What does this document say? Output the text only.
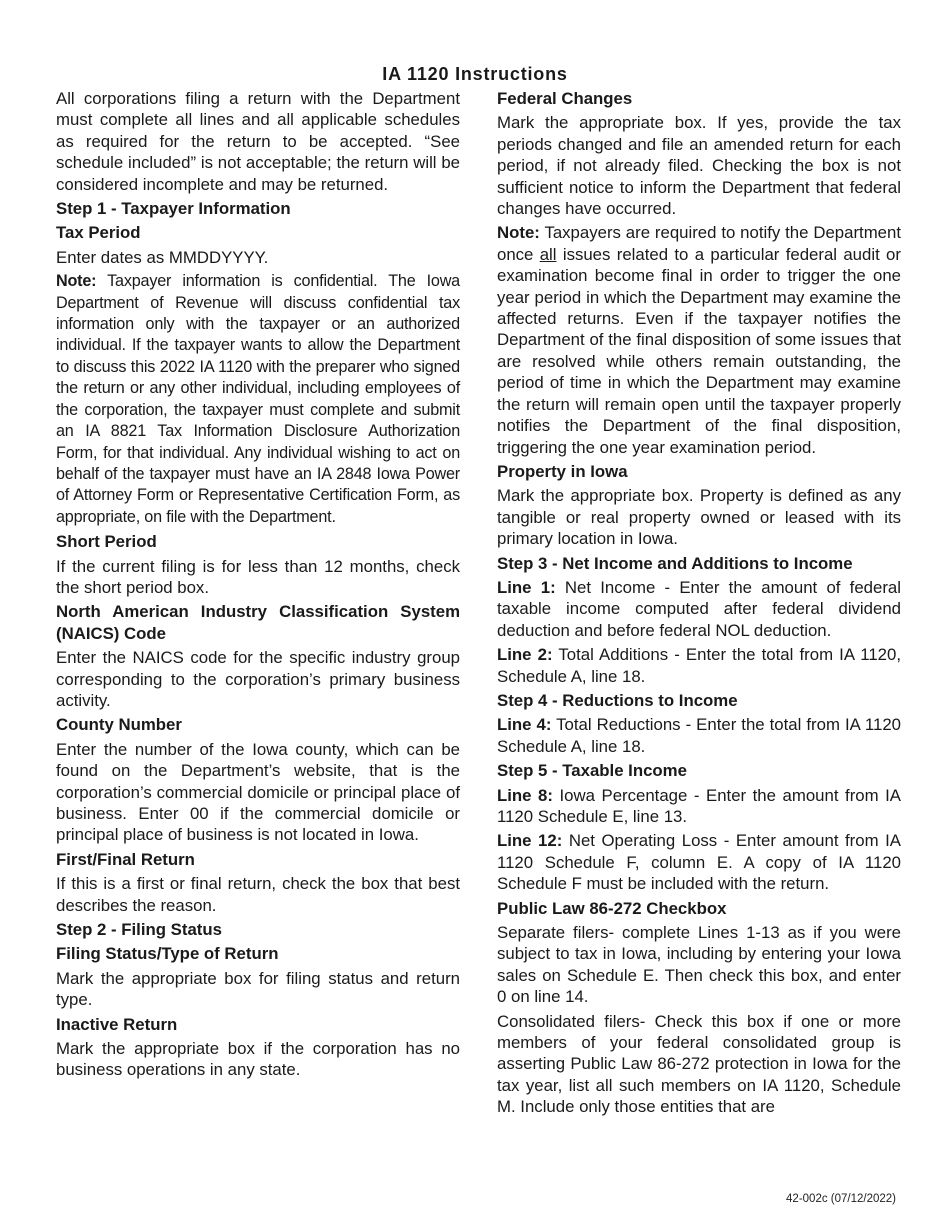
IA 1120 Instructions

All corporations filing a return with the Department must complete all lines and all applicable schedules as required for the return to be accepted. “See schedule included” is not acceptable; the return will be considered incomplete and may be returned.

Step 1 - Taxpayer Information
Tax Period

Enter dates as MMDDYYYY.

Note: Taxpayer information is confidential. The Iowa Department of Revenue will discuss confidential tax information only with the taxpayer or an authorized individual. If the taxpayer wants to allow the Department to discuss this 2022 IA 1120 with the preparer who signed the return or any other individual, including employees of the corporation, the taxpayer must complete and submit an IA 8821 Tax Information Disclosure Authorization Form, for that individual. Any individual wishing to act on behalf of the taxpayer must have an IA 2848 Iowa Power of Attorney Form or Representative Certification Form, as appropriate, on file with the Department.

Short Period

If the current filing is for less than 12 months, check the short period box.

North American Industry Classification System (NAICS) Code

Enter the NAICS code for the specific industry group corresponding to the corporation’s primary business activity.

County Number

Enter the number of the Iowa county, which can be found on the Department’s website, that is the corporation’s commercial domicile or principal place of business. Enter 00 if the commercial domicile or principal place of business is not located in Iowa.

First/Final Return

If this is a first or final return, check the box that best describes the reason.

Step 2 - Filing Status
Filing Status/Type of Return

Mark the appropriate box for filing status and return type.

Inactive Return

Mark the appropriate box if the corporation has no business operations in any state.

Federal Changes

Mark the appropriate box. If yes, provide the tax periods changed and file an amended return for each period, if not already filed. Checking the box is not sufficient notice to inform the Department that federal changes have occurred.

Note: Taxpayers are required to notify the Department once all issues related to a particular federal audit or examination become final in order to trigger the one year period in which the Department may examine the affected returns. Even if the taxpayer notifies the Department of the final disposition of some issues that are resolved while others remain outstanding, the period of time in which the Department may examine the return will remain open until the taxpayer properly notifies the Department of the final disposition, triggering the one year examination period.

Property in Iowa

Mark the appropriate box. Property is defined as any tangible or real property owned or leased with its primary location in Iowa.

Step 3 - Net Income and Additions to Income

Line 1: Net Income - Enter the amount of federal taxable income computed after federal dividend deduction and before federal NOL deduction.

Line 2: Total Additions - Enter the total from IA 1120, Schedule A, line 18.

Step 4 - Reductions to Income

Line 4: Total Reductions - Enter the total from IA 1120 Schedule A, line 18.

Step 5 - Taxable Income

Line 8: Iowa Percentage - Enter the amount from IA 1120 Schedule E, line 13.

Line 12: Net Operating Loss - Enter amount from IA 1120 Schedule F, column E. A copy of IA 1120 Schedule F must be included with the return.

Public Law 86-272 Checkbox

Separate filers- complete Lines 1-13 as if you were subject to tax in Iowa, including by entering your Iowa sales on Schedule E. Then check this box, and enter 0 on line 14.

Consolidated filers- Check this box if one or more members of your federal consolidated group is asserting Public Law 86-272 protection in Iowa for the tax year, list all such members on IA 1120, Schedule M. Include only those entities that are

42-002c (07/12/2022)
